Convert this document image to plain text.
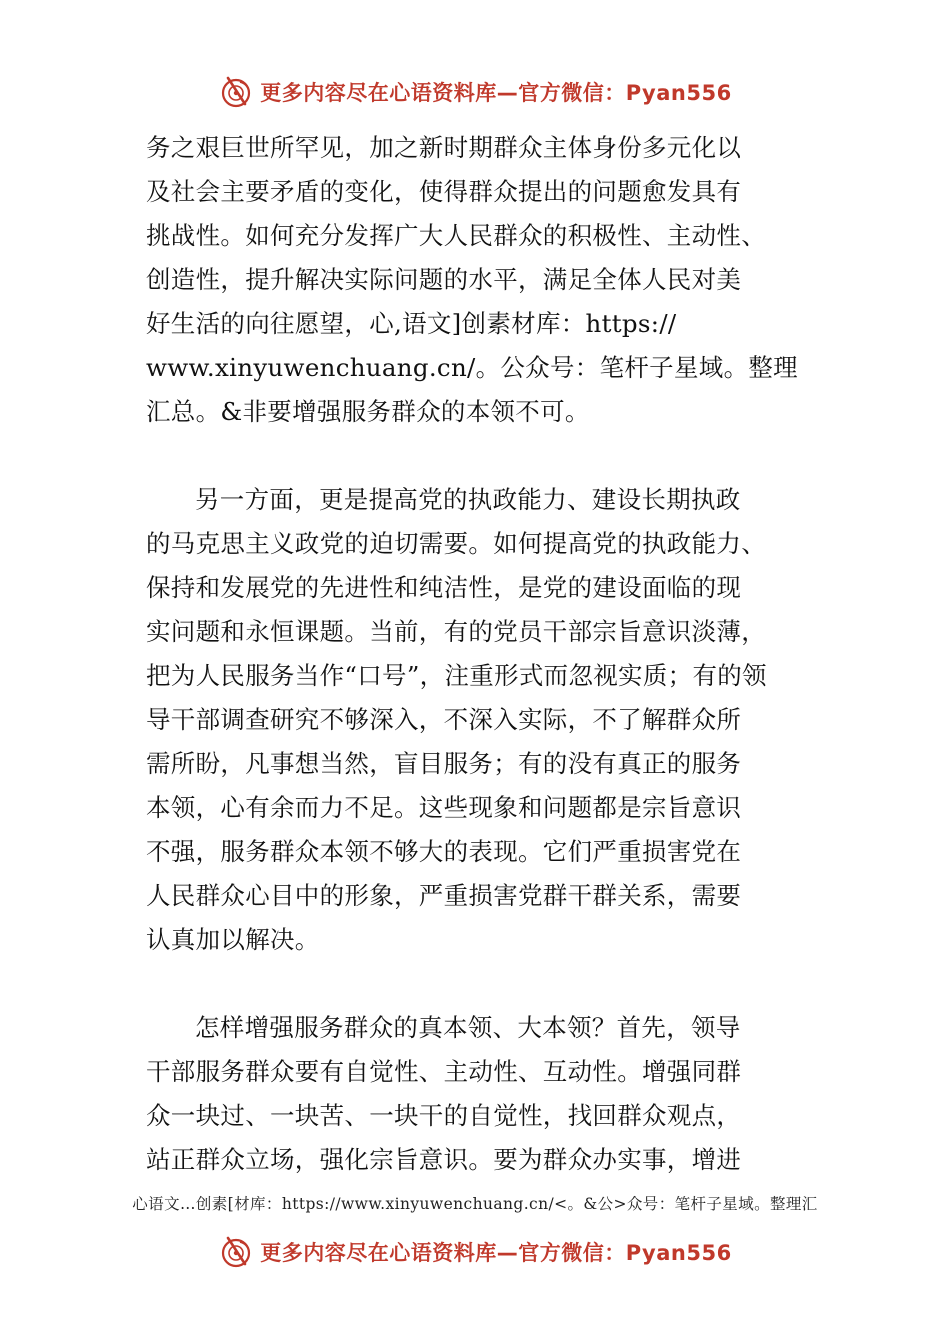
更多内容尽在心语资料库—官方微信：Pyan556
务之艰巨世所罕见，加之新时期群众主体身份多元化以
及社会主要矛盾的变化，使得群众提出的问题愈发具有
挑战性。如何充分发挥广大人民群众的积极性、主动性、
创造性，提升解决实际问题的水平，满足全体人民对美
好生活的向往愿望，心,语文]创素材库：https://
www.xinyuwenchuang.cn/。公众号：笔杆子星域。整理
汇总。&非要增强服务群众的本领不可。
另一方面，更是提高党的执政能力、建设长期执政
的马克思主义政党的迫切需要。如何提高党的执政能力、
保持和发展党的先进性和纯洁性，是党的建设面临的现
实问题和永恒课题。当前，有的党员干部宗旨意识淡薄，
把为人民服务当作“口号”，注重形式而忽视实质；有的领
导干部调查研究不够深入，不深入实际，不了解群众所
需所盼，凡事想当然，盲目服务；有的没有真正的服务
本领，心有余而力不足。这些现象和问题都是宗旨意识
不强，服务群众本领不够大的表现。它们严重损害党在
人民群众心目中的形象，严重损害党群干群关系，需要
认真加以解决。
怎样增强服务群众的真本领、大本领？首先，领导
干部服务群众要有自觉性、主动性、互动性。增强同群
众一块过、一块苦、一块干的自觉性，找回群众观点，
站正群众立场，强化宗旨意识。要为群众办实事，增进
心语文…创素[材库：https://www.xinyuwenchuang.cn/<。&公>众号：笔杆子星域。整理汇
更多内容尽在心语资料库—官方微信：Pyan556
